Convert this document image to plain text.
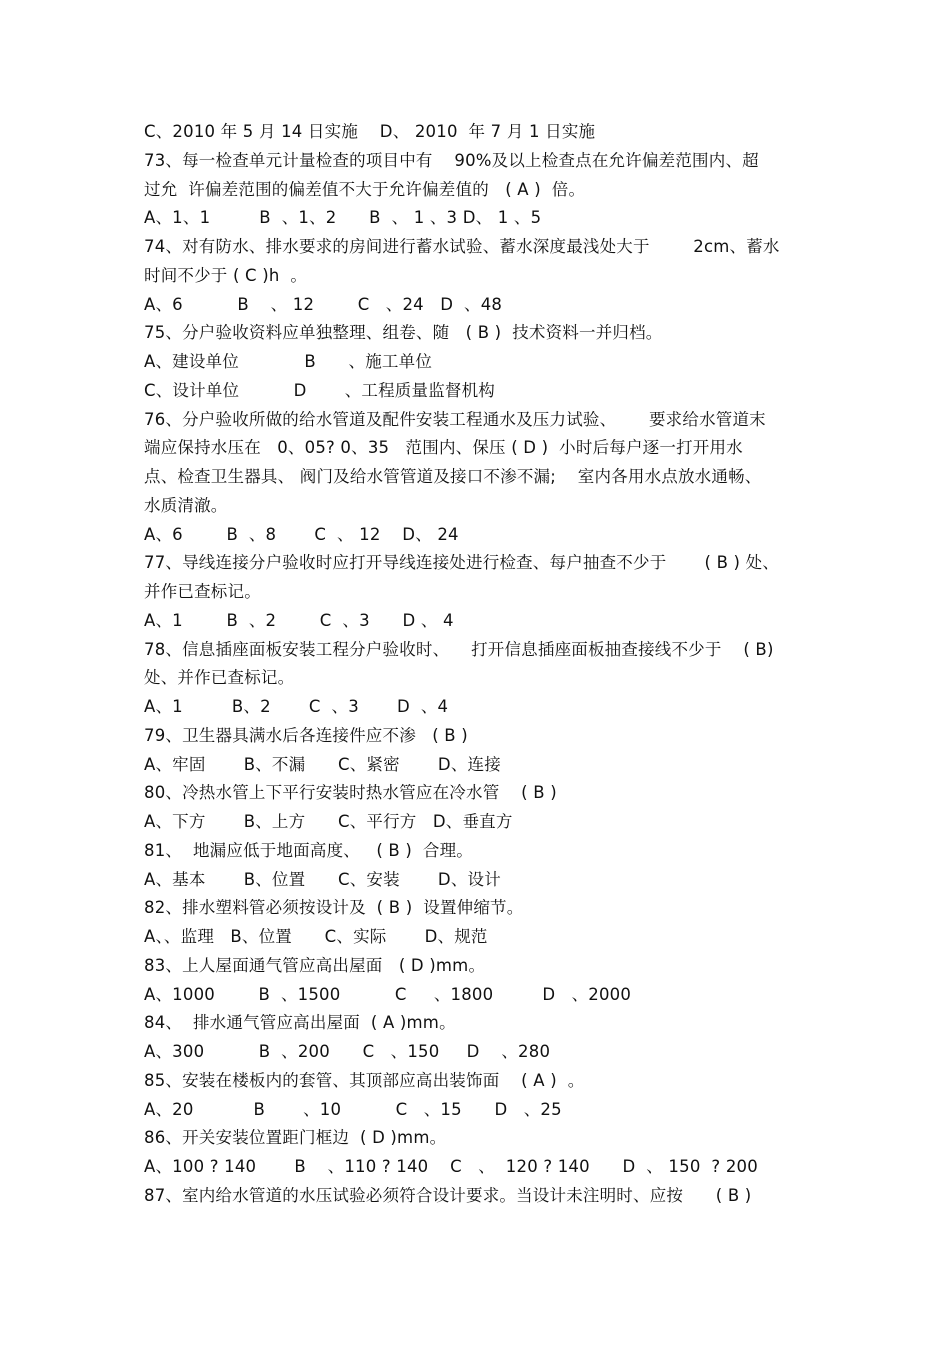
C、2010 年 5 月 14 日实施    D、 2010  年 7 月 1 日实施
73、每一检查单元计量检查的项目中有    90%及以上检查点在允许偏差范围内、超
过允  许偏差范围的偏差值不大于允许偏差值的   ( A )  倍。
A、1、1         B  、1、2      B  、 1 、3 D、 1 、5
74、对有防水、排水要求的房间进行蓄水试验、蓄水深度最浅处大于        2cm、蓄水
时间不少于 ( C )h  。
A、6          B    、 12        C   、24   D  、48
75、分户验收资料应单独整理、组卷、随   ( B )  技术资料一并归档。
A、建设单位            B      、施工单位
C、设计单位          D       、工程质量监督机构
76、分户验收所做的给水管道及配件安装工程通水及压力试验、      要求给水管道末
端应保持水压在   0、05? 0、35   范围内、保压 ( D )  小时后每户逐一打开用水
点、检查卫生器具、 阀门及给水管管道及接口不渗不漏;    室内各用水点放水通畅、
水质清澈。
A、6        B  、8       C  、 12    D、 24
77、导线连接分户验收时应打开导线连接处进行检查、每户抽查不少于       ( B ) 处、
并作已查标记。
A、1        B  、2        C  、3      D 、 4
78、信息插座面板安装工程分户验收时、    打开信息插座面板抽查接线不少于    ( B)
处、并作已查标记。
A、1         B、2       C  、3       D  、4
79、卫生器具满水后各连接件应不渗   ( B )
A、牢固       B、不漏      C、紧密       D、连接
80、冷热水管上下平行安装时热水管应在冷水管    ( B )
A、下方       B、上方      C、平行方   D、垂直方
81、  地漏应低于地面高度、   ( B )  合理。
A、基本       B、位置      C、安装       D、设计
82、排水塑料管必须按设计及  ( B )  设置伸缩节。
A、、监理   B、位置      C、实际       D、规范
83、上人屋面通气管应高出屋面   ( D )mm。
A、1000        B  、1500          C     、1800         D   、2000
84、  排水通气管应高出屋面  ( A )mm。
A、300          B  、200      C   、150     D    、280
85、安装在楼板内的套管、其顶部应高出装饰面    ( A )  。
A、20           B       、10          C   、15      D   、25
86、开关安装位置距门框边  ( D )mm。
A、100 ? 140       B    、110 ? 140    C   、  120 ? 140      D  、 150  ? 200
87、室内给水管道的水压试验必须符合设计要求。当设计未注明时、应按      ( B )
